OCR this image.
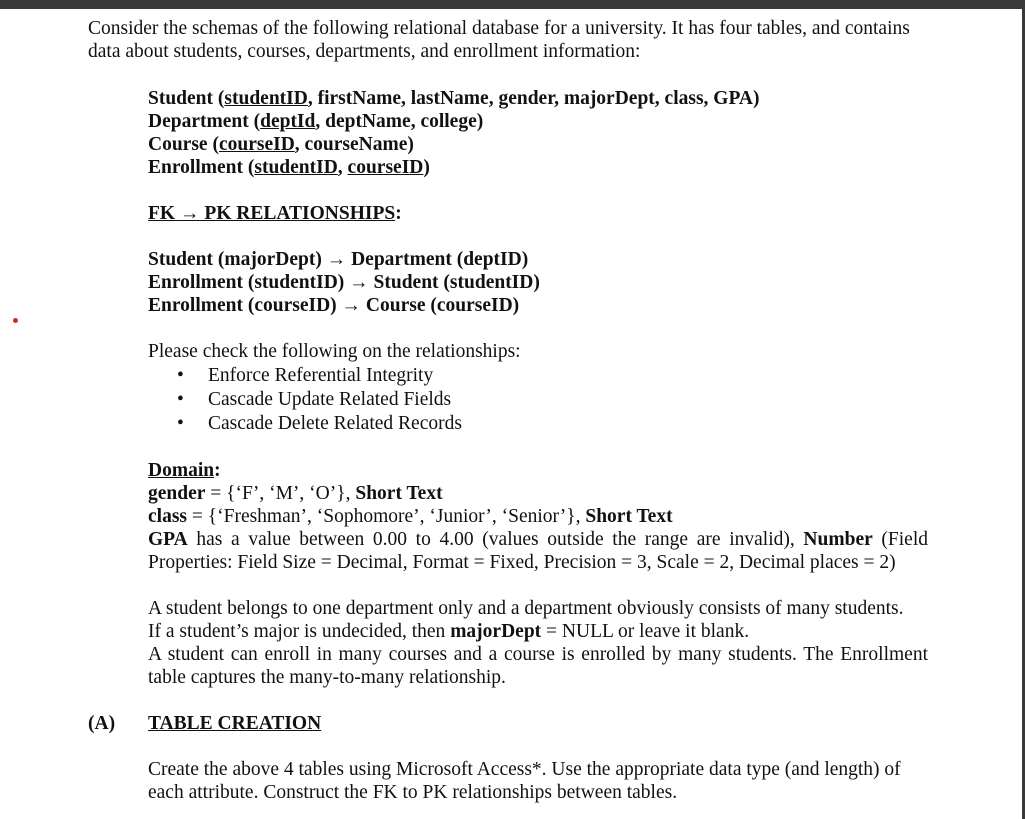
Consider the schemas of the following relational database for a university. It has four tables, and contains
data about students, courses, departments, and enrollment information:
Student (studentID, firstName, lastName, gender, majorDept, class, GPA)
Department (deptId, deptName, college)
Course (courseID, courseName)
Enrollment (studentID, courseID)
FK → PK RELATIONSHIPS:
Student (majorDept) → Department (deptID)
Enrollment (studentID) → Student (studentID)
Enrollment (courseID) → Course (courseID)
Please check the following on the relationships:
• Enforce Referential Integrity
• Cascade Update Related Fields
• Cascade Delete Related Records
Domain:
gender = {‘F’, ‘M’, ‘O’}, Short Text
class = {‘Freshman’, ‘Sophomore’, ‘Junior’, ‘Senior’}, Short Text
GPA has a value between 0.00 to 4.00 (values outside the range are invalid), Number (Field
Properties: Field Size = Decimal, Format = Fixed, Precision = 3, Scale = 2, Decimal places = 2)
A student belongs to one department only and a department obviously consists of many students.
If a student’s major is undecided, then majorDept = NULL or leave it blank.
A student can enroll in many courses and a course is enrolled by many students. The Enrollment
table captures the many-to-many relationship.
(A) TABLE CREATION
Create the above 4 tables using Microsoft Access*. Use the appropriate data type (and length) of
each attribute. Construct the FK to PK relationships between tables.
